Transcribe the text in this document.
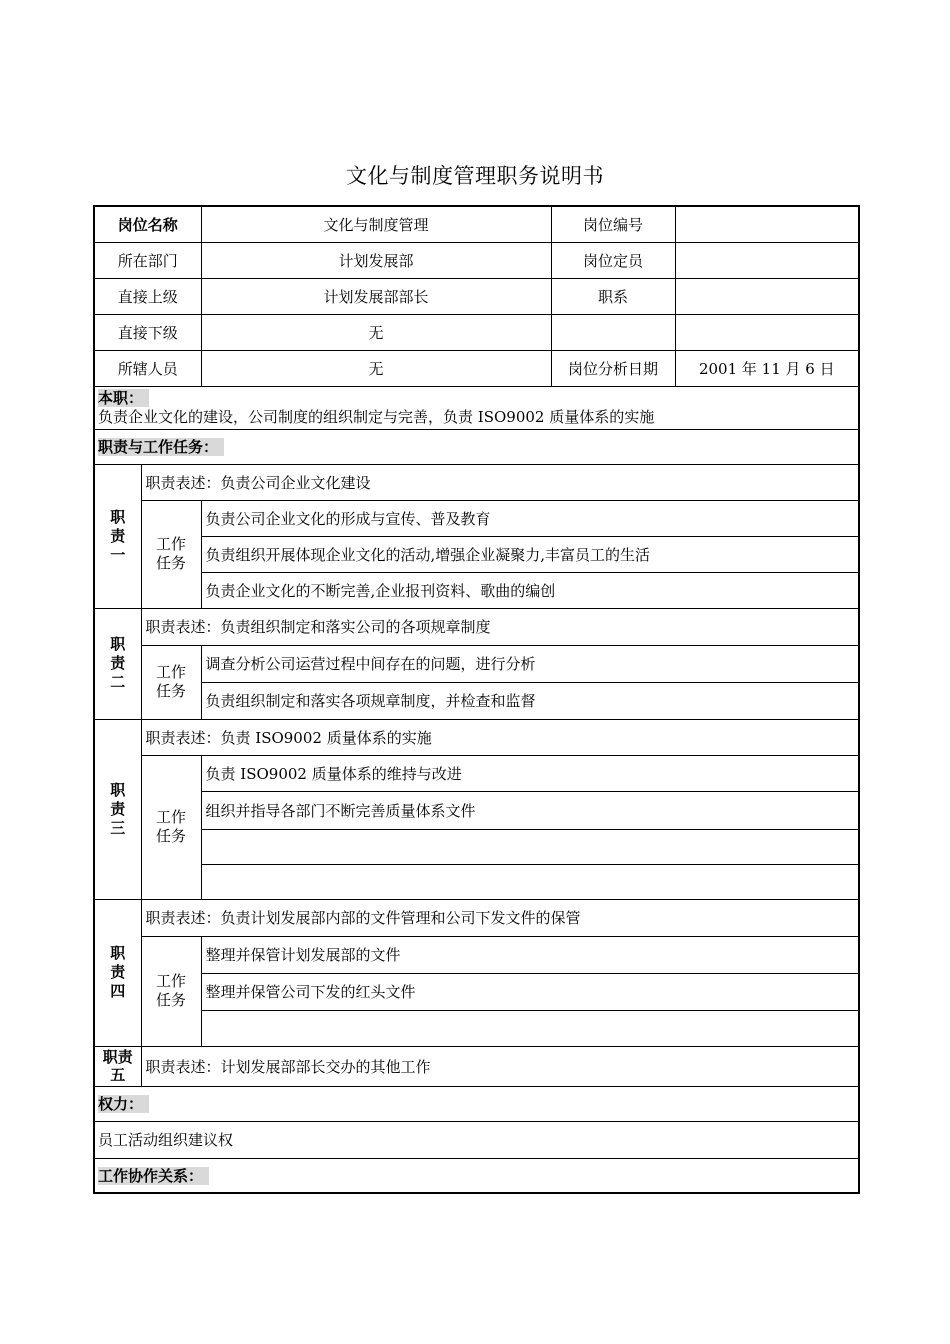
文化与制度管理职务说明书
岗位名称		文化与制度管理	岗位编号	
所在部门		计划发展部	岗位定员	
直接上级		计划发展部部长	职系	
直接下级		无		
所辖人员		无	岗位分析日期	2001 年 11 月 6 日

本职：
负责企业文化的建设，公司制度的组织制定与完善，负责 ISO9002 质量体系的实施				

职责与工作任务：				
职
责
一	职责表述：负责公司企业文化建设			
	工作
任务	负责公司企业文化的形成与宣传、普及教育		
		负责组织开展体现企业文化的活动,增强企业凝聚力,丰富员工的生活		
		负责企业文化的不断完善,企业报刊资料、歌曲的编创		
职
责
二	职责表述：负责组织制定和落实公司的各项规章制度			
	工作
任务	调查分析公司运营过程中间存在的问题，进行分析		
		负责组织制定和落实各项规章制度，并检查和监督		
职
责
三	职责表述：负责 ISO9002 质量体系的实施			
	工作
任务	负责 ISO9002 质量体系的维持与改进		
		组织并指导各部门不断完善质量体系文件		

职
责
四	职责表述：负责计划发展部内部的文件管理和公司下发文件的保管			
	工作
任务	整理并保管计划发展部的文件		
		整理并保管公司下发的红头文件		

职责
五	职责表述：计划发展部部长交办的其他工作			
权力：				
员工活动组织建议权				
工作协作关系：				
